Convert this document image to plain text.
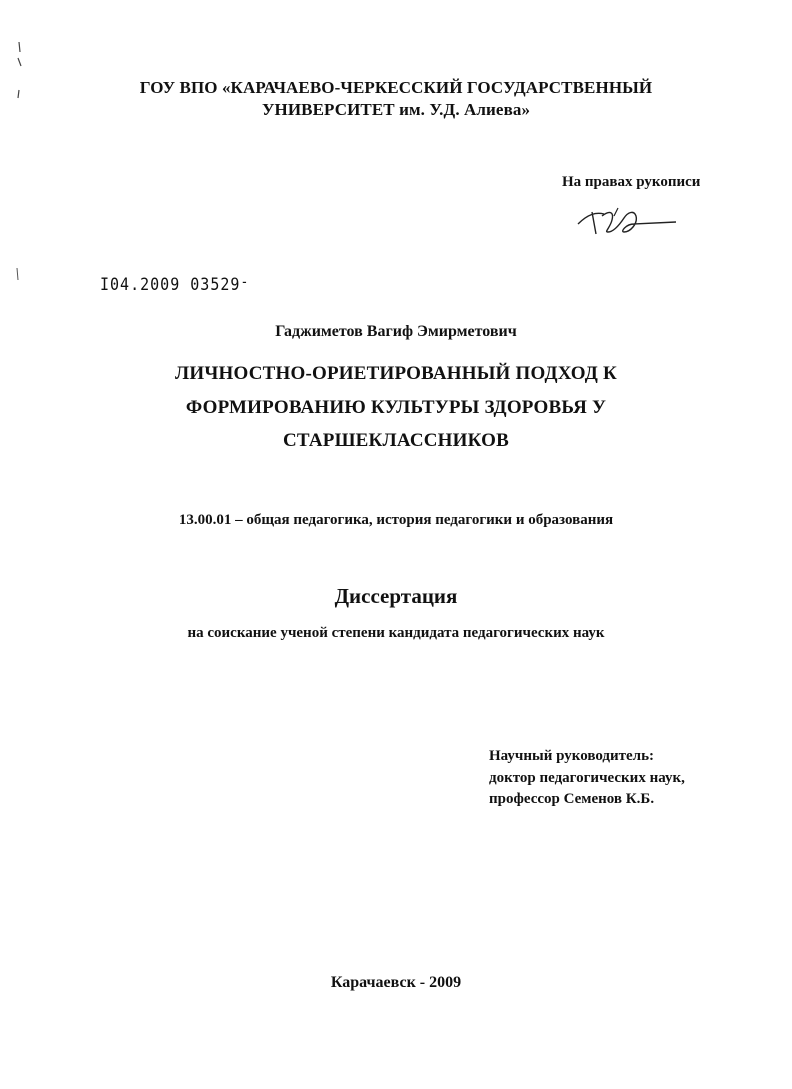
ГОУ ВПО «КАРАЧАЕВО-ЧЕРКЕССКИЙ ГОСУДАРСТВЕННЫЙ
УНИВЕРСИТЕТ им. У.Д. Алиева»
На правах рукописи
I04.2009 03529-
Гаджиметов Вагиф Эмирметович
ЛИЧНОСТНО-ОРИЕТИРОВАННЫЙ ПОДХОД К
ФОРМИРОВАНИЮ КУЛЬТУРЫ ЗДОРОВЬЯ У
СТАРШЕКЛАССНИКОВ
13.00.01 – общая педагогика, история педагогики и образования
Диссертация
на соискание ученой степени кандидата педагогических наук
Научный руководитель:
доктор педагогических наук,
профессор Семенов К.Б.
Карачаевск - 2009
